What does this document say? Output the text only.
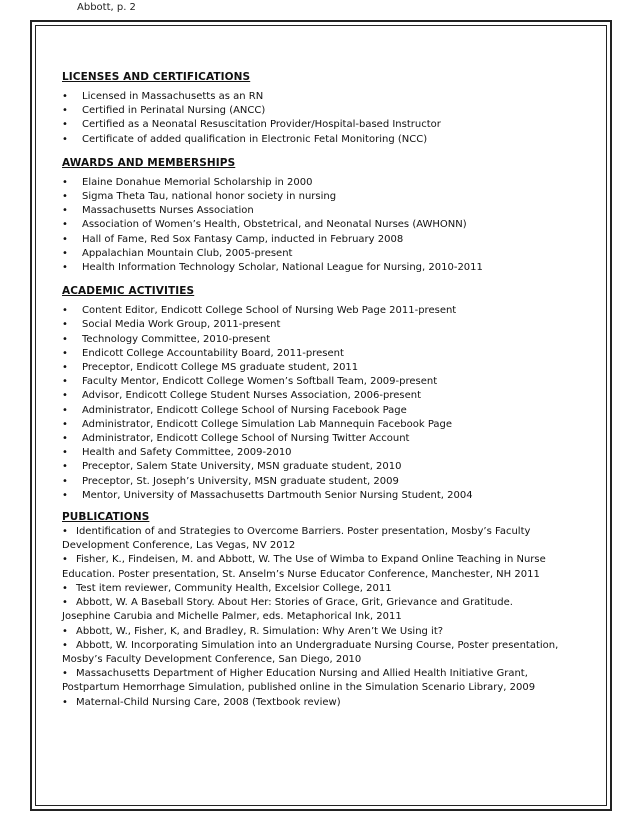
Abbott, p. 2
LICENSES AND CERTIFICATIONS
• Licensed in Massachusetts as an RN
• Certified in Perinatal Nursing (ANCC)
• Certified as a Neonatal Resuscitation Provider/Hospital-based Instructor
• Certificate of added qualification in Electronic Fetal Monitoring (NCC)
AWARDS AND MEMBERSHIPS
• Elaine Donahue Memorial Scholarship in 2000
• Sigma Theta Tau, national honor society in nursing
• Massachusetts Nurses Association
• Association of Women’s Health, Obstetrical, and Neonatal Nurses (AWHONN)
• Hall of Fame, Red Sox Fantasy Camp, inducted in February 2008
• Appalachian Mountain Club, 2005-present
• Health Information Technology Scholar, National League for Nursing, 2010-2011
ACADEMIC ACTIVITIES
• Content Editor, Endicott College School of Nursing Web Page 2011-present
• Social Media Work Group, 2011-present
• Technology Committee, 2010-present
• Endicott College Accountability Board, 2011-present
• Preceptor, Endicott College MS graduate student, 2011
• Faculty Mentor, Endicott College Women’s Softball Team, 2009-present
• Advisor, Endicott College Student Nurses Association, 2006-present
• Administrator, Endicott College School of Nursing Facebook Page
• Administrator, Endicott College Simulation Lab Mannequin Facebook Page
• Administrator, Endicott College School of Nursing Twitter Account
• Health and Safety Committee, 2009-2010
• Preceptor, Salem State University, MSN graduate student, 2010
• Preceptor, St. Joseph’s University, MSN graduate student, 2009
• Mentor, University of Massachusetts Dartmouth Senior Nursing Student, 2004
PUBLICATIONS
• Identification of and Strategies to Overcome Barriers. Poster presentation, Mosby’s Faculty
Development Conference, Las Vegas, NV 2012
• Fisher, K., Findeisen, M. and Abbott, W. The Use of Wimba to Expand Online Teaching in Nurse
Education. Poster presentation, St. Anselm’s Nurse Educator Conference, Manchester, NH 2011
• Test item reviewer, Community Health, Excelsior College, 2011
• Abbott, W. A Baseball Story. About Her: Stories of Grace, Grit, Grievance and Gratitude.
Josephine Carubia and Michelle Palmer, eds. Metaphorical Ink, 2011
• Abbott, W., Fisher, K, and Bradley, R. Simulation: Why Aren’t We Using it?
• Abbott, W. Incorporating Simulation into an Undergraduate Nursing Course, Poster presentation,
Mosby’s Faculty Development Conference, San Diego, 2010
• Massachusetts Department of Higher Education Nursing and Allied Health Initiative Grant,
Postpartum Hemorrhage Simulation, published online in the Simulation Scenario Library, 2009
• Maternal-Child Nursing Care, 2008 (Textbook review)
